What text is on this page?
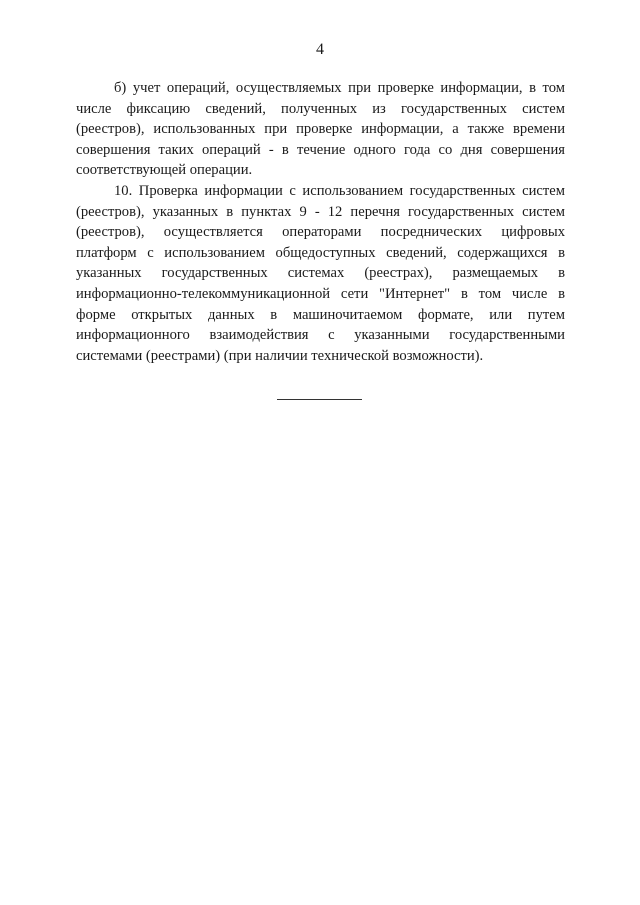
4

б) учет операций, осуществляемых при проверке информации, в том числе фиксацию сведений, полученных из государственных систем (реестров), использованных при проверке информации, а также времени совершения таких операций - в течение одного года со дня совершения соответствующей операции.

10. Проверка информации с использованием государственных систем (реестров), указанных в пунктах 9 - 12 перечня государственных систем (реестров), осуществляется операторами посреднических цифровых платформ с использованием общедоступных сведений, содержащихся в указанных государственных системах (реестрах), размещаемых в информационно-телекоммуникационной сети "Интернет" в том числе в форме открытых данных в машиночитаемом формате, или путем информационного взаимодействия с указанными государственными системами (реестрами) (при наличии технической возможности).
